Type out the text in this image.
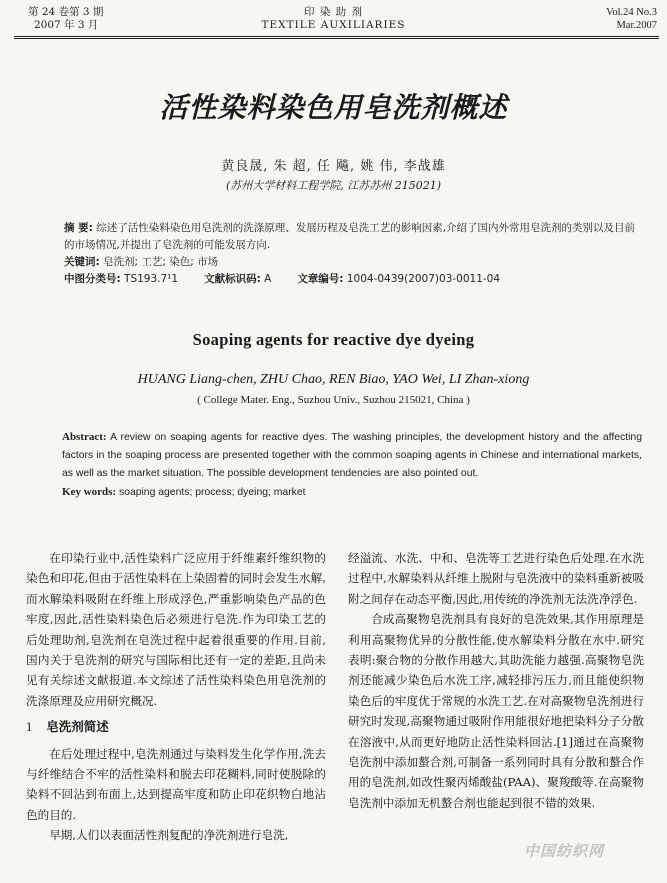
第 24 卷第 3 期
2007 年 3 月
印 染 助 剂
TEXTILE AUXILIARIES
Vol.24 No.3
Mar.2007
活性染料染色用皂洗剂概述
黄良晟, 朱 超, 任 飚, 姚 伟, 李战雄
(苏州大学材料工程学院, 江苏苏州 215021)

摘 要: 综述了活性染料染色用皂洗剂的洗涤原理、发展历程及皂洗工艺的影响因素,介绍了国内外常用皂洗剂的类别以及目前的市场情况,并提出了皂洗剂的可能发展方向.

关键词: 皂洗剂; 工艺; 染色; 市场

中图分类号: TS193.7¹1 文献标识码: A 文章编号: 1004-0439(2007)03-0011-04
Soaping agents for reactive dye dyeing
HUANG Liang-chen, ZHU Chao, REN Biao, YAO Wei, LI Zhan-xiong
( College Mater. Eng., Suzhou Univ., Suzhou 215021, China )

Abstract: A review on soaping agents for reactive dyes. The washing principles, the development history and the affecting factors in the soaping process are presented together with the common soaping agents in Chinese and international markets, as well as the market situation. The possible development tendencies are also pointed out.

Key words: soaping agents; process; dyeing; market

在印染行业中,活性染料广泛应用于纤维素纤维织物的染色和印花,但由于活性染料在上染固着的同时会发生水解,而水解染料吸附在纤维上形成浮色,严重影响染色产品的色牢度,因此,活性染料染色后必须进行皂洗.作为印染工艺的后处理助剂,皂洗剂在皂洗过程中起着很重要的作用.目前,国内关于皂洗剂的研究与国际相比还有一定的差距,且尚未见有关综述文献报道.本文综述了活性染料染色用皂洗剂的洗涤原理及应用研究概况.

1 皂洗剂简述

在后处理过程中,皂洗剂通过与染料发生化学作用,洗去与纤维结合不牢的活性染料和脱去印花糊料,同时使脱除的染料不回沾到布面上,达到提高牢度和防止印花织物白地沾色的目的.

早期,人们以表面活性剂复配的净洗剂进行皂洗,

经溢流、水洗、中和、皂洗等工艺进行染色后处理.在水洗过程中,水解染料从纤维上脱附与皂洗液中的染料重新被吸附之间存在动态平衡,因此,用传统的净洗剂无法洗净浮色.

合成高聚物皂洗剂具有良好的皂洗效果,其作用原理是利用高聚物优异的分散性能,使水解染料分散在水中.研究表明:聚合物的分散作用越大,其助洗能力越强.高聚物皂洗剂还能减少染色后水洗工序,减轻排污压力,而且能使织物染色后的牢度优于常规的水洗工艺.在对高聚物皂洗剂进行研究时发现,高聚物通过吸附作用能很好地把染料分子分散在溶液中,从而更好地防止活性染料回沾.[1]通过在高聚物皂洗剂中添加螯合剂,可制备一系列同时具有分散和螯合作用的皂洗剂,如改性聚丙烯酸盐(PAA)、聚羧酸等.在高聚物皂洗剂中添加无机螯合剂也能起到很不错的效果.

中国纺织网
